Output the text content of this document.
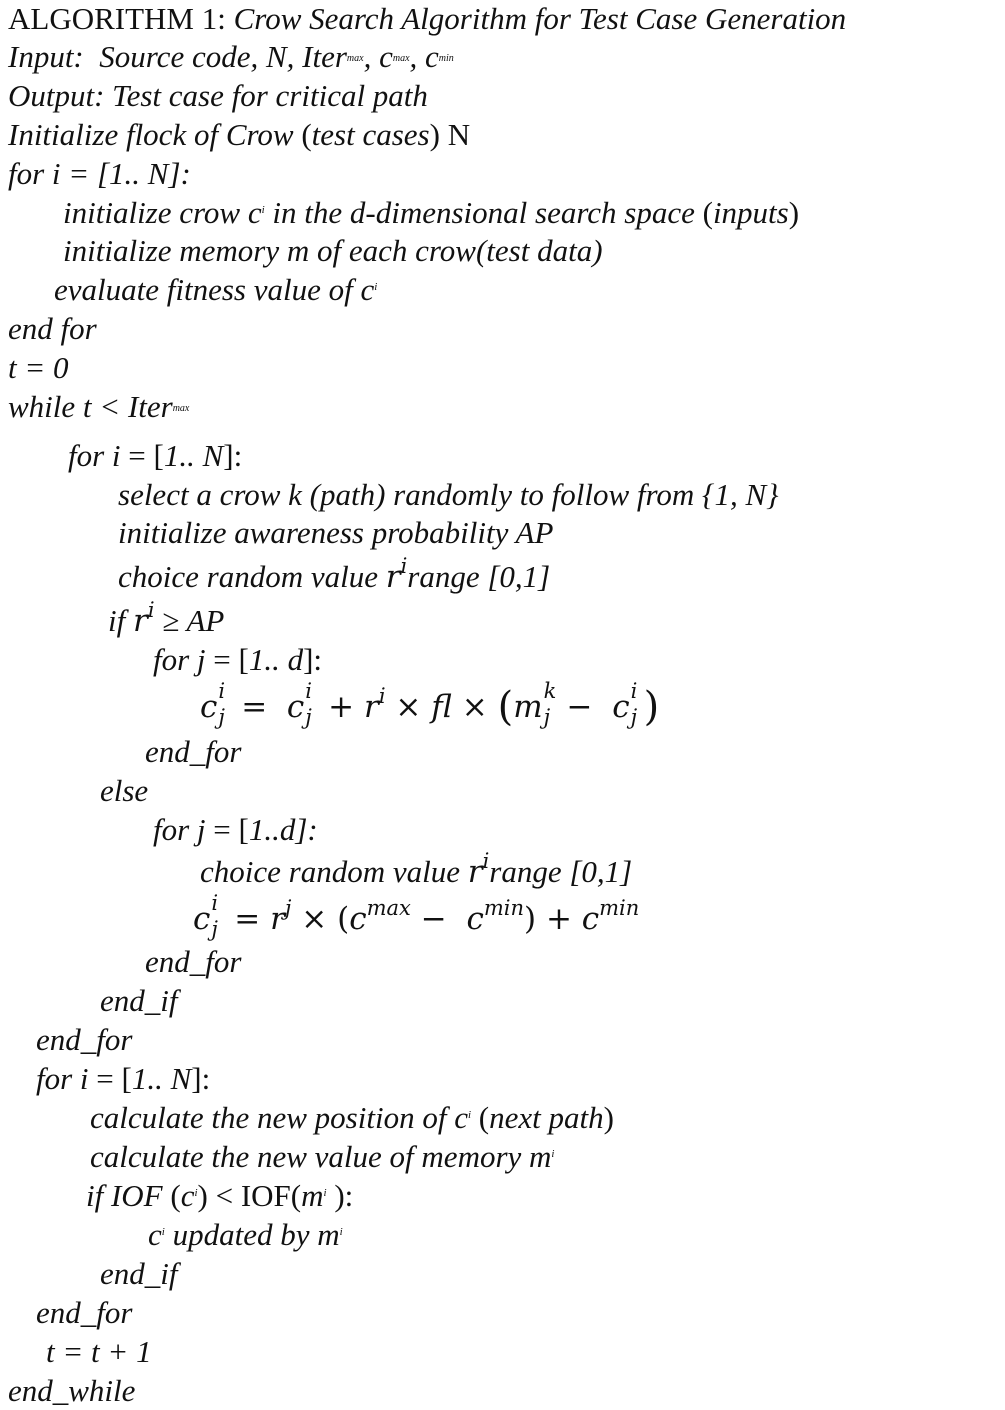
ALGORITHM 1: Crow Search Algorithm for Test Case Generation
Input: Source code, N, Itermax, cmax, cmin
Output: Test case for critical path
Initialize flock of Crow (test cases) N
for i = [1.. N]:
initialize crow $c^i$ in the d-dimensional search space (inputs)
initialize memory m of each crow(test data)
evaluate fitness value of $c^i$
end for
t = 0
while t < Itermax
for i = [1.. N]:
select a crow k (path) randomly to follow from {1, N}
initialize awareness probability AP
choice random value $r^irange$ [0,1]
if $r^i$ ≥ AP
for j = [1.. d]:
c i
j =  c i
$j + r^i$ × fl × (m k
j −  c i
j )
end_for
else
for j = [1..d]:
choice random value $r^irange$ [0,1]
c i
$j = r^j \times (c^{max} - c^{min}) + c^{min}$
end_for
end_if
end_for
for i = [1.. N]:
calculate the new position of $c^i$ (next path)
calculate the new value of memory $m^i$
if IOF $(c^i) < IOF(m^i$ ):
$c^i$ updated by $m^i$
end_if
end_for
t = t + 1
end_while
